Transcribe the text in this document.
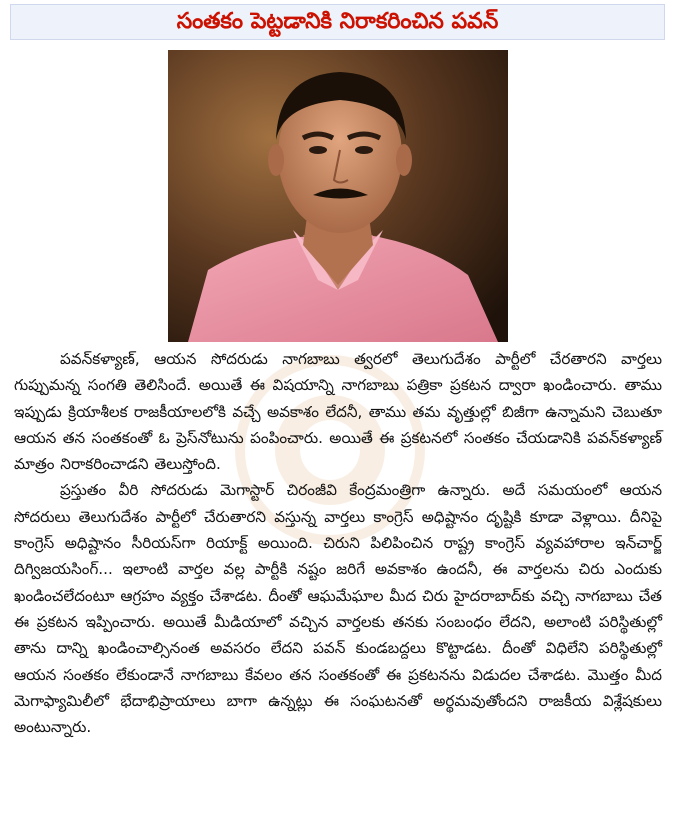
సంతకం పెట్టడానికి నిరాకరించిన పవన్

పవన్‌కళ్యాణ్, ఆయన సోదరుడు నాగబాబు త్వరలో తెలుగుదేశం పార్టీలో చేరతారని వార్తలు గుప్పుమన్న సంగతి తెలిసిందే. అయితే ఈ విషయాన్ని నాగబాబు పత్రికా ప్రకటన ద్వారా ఖండించారు. తాము ఇప్పుడు క్రియాశీలక రాజకీయాలలోకి వచ్చే అవకాశం లేదనీ, తాము తమ వృత్తుల్లో బిజీగా ఉన్నామని చెబుతూ ఆయన తన సంతకంతో ఓ ప్రెస్‌నోటును పంపించారు. అయితే ఈ ప్రకటనలో సంతకం చేయడానికి పవన్‌కళ్యాణ్ మాత్రం నిరాకరించాడని తెలుస్తోంది.

ప్రస్తుతం వీరి సోదరుడు మెగాస్టార్ చిరంజీవి కేంద్రమంత్రిగా ఉన్నారు. అదే సమయంలో ఆయన సోదరులు తెలుగుదేశం పార్టీలో చేరుతారని వస్తున్న వార్తలు కాంగ్రెస్ అధిష్టానం దృష్టికి కూడా వెళ్లాయి. దీనిపై కాంగ్రెస్ అధిష్టానం సీరియస్‌గా రియాక్ట్ అయింది. చిరుని పిలిపించిన రాష్ట్ర కాంగ్రెస్ వ్యవహారాల ఇన్‌చార్జ్ దిగ్విజయసింగ్... ఇలాంటి వార్తల వల్ల పార్టీకి నష్టం జరిగే అవకాశం ఉందనీ, ఈ వార్తలను చిరు ఎందుకు ఖండించలేదంటూ ఆగ్రహం వ్యక్తం చేశాడట. దీంతో ఆఘమేఘాల మీద చిరు హైదరాబాద్‌కు వచ్చి నాగబాబు చేత ఈ ప్రకటన ఇప్పించారు. అయితే మీడియాలో వచ్చిన వార్తలకు తనకు సంబంధం లేదని, అలాంటి పరిస్థితుల్లో తాను దాన్ని ఖండించాల్సినంత అవసరం లేదని పవన్ కుండబద్దలు కొట్టాడట. దీంతో విధిలేని పరిస్థితుల్లో ఆయన సంతకం లేకుండానే నాగబాబు కేవలం తన సంతకంతో ఈ ప్రకటనను విడుదల చేశాడట. మొత్తం మీద మెగాఫ్యామిలీలో భేదాభిప్రాయాలు బాగా ఉన్నట్లు ఈ సంఘటనతో అర్థమవుతోందని రాజకీయ విశ్లేషకులు అంటున్నారు.
